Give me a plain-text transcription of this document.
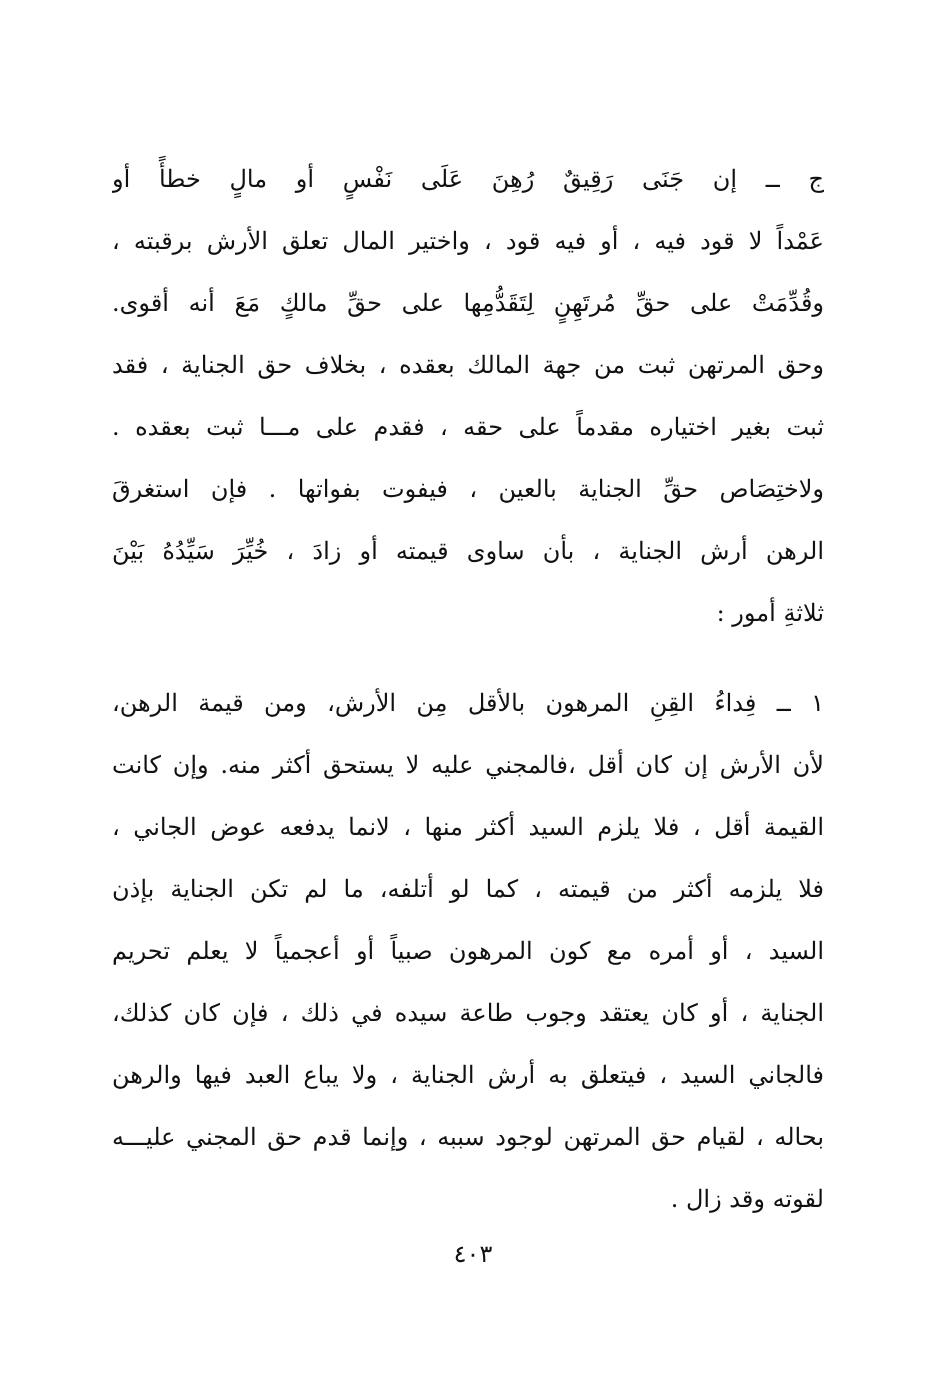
ج ــ إن جَنَى رَقِيقٌ رُهِنَ عَلَى نَفْسٍ أو مالٍ خطأً أو
عَمْداً لا قود فيه ، أو فيه قود ، واختير المال تعلق الأرش برقبته ،
وقُدِّمَتْ على حقِّ مُرتَهِنٍ لِتَقَدُّمِها على حقِّ مالكٍ مَعَ أنه أقوى.
وحق المرتهن ثبت من جهة المالك بعقده ، بخلاف حق الجناية ، فقد
ثبت بغير اختياره مقدماً على حقه ، فقدم على مـــا ثبت بعقده .
ولاختِصَاص حقِّ الجناية بالعين ، فيفوت بفواتها . فإن استغرقَ
الرهن أرش الجناية ، بأن ساوى قيمته أو زادَ ، خُيِّرَ سَيِّدُهُ بَيْنَ
ثلاثةِ أمور :
١ ــ فِداءُ القِنِ المرهون بالأقل مِن الأرش، ومن قيمة الرهن،
لأن الأرش إن كان أقل ،فالمجني عليه لا يستحق أكثر منه. وإن كانت
القيمة أقل ، فلا يلزم السيد أكثر منها ، لانما يدفعه عوض الجاني ،
فلا يلزمه أكثر من قيمته ، كما لو أتلفه، ما لم تكن الجناية بإذن
السيد ، أو أمره مع كون المرهون صبياً أو أعجمياً لا يعلم تحريم
الجناية ، أو كان يعتقد وجوب طاعة سيده في ذلك ، فإن كان كذلك،
فالجاني السيد ، فيتعلق به أرش الجناية ، ولا يباع العبد فيها والرهن
بحاله ، لقيام حق المرتهن لوجود سببه ، وإنما قدم حق المجني عليـــه
لقوته وقد زال .
٤٠٣
